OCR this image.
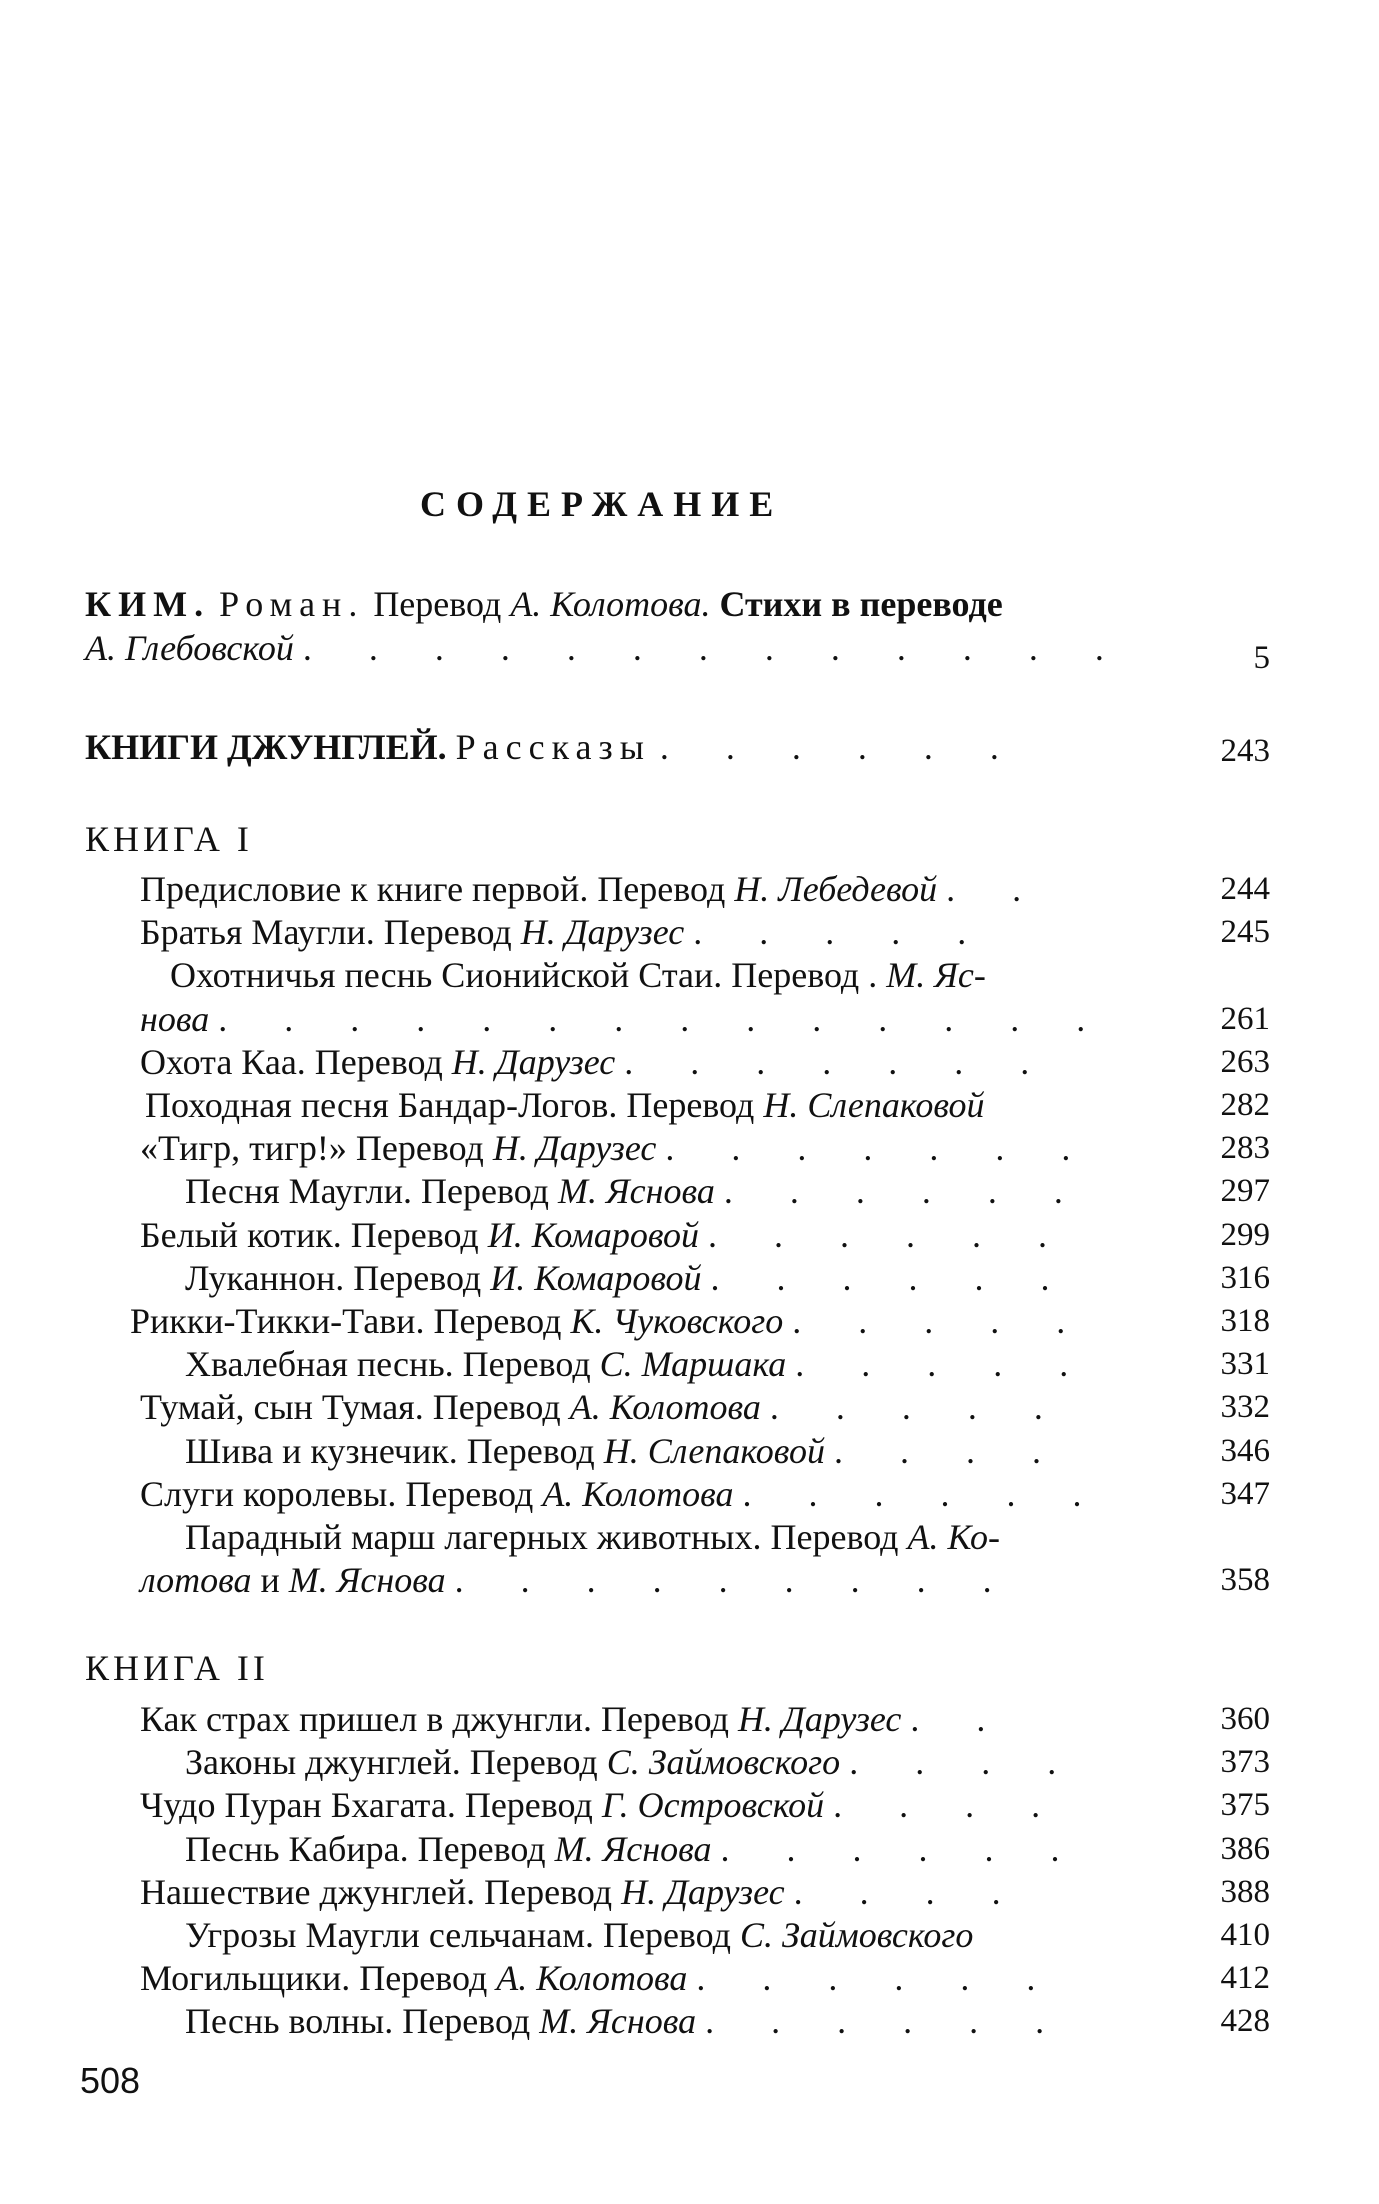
СОДЕРЖАНИЕ
КИМ. Роман. Перевод А. Колотова. Стихи в переводе
А. Глебовской . . . . . . . . . . . . .	5
КНИГИ ДЖУНГЛЕЙ. Рассказы . . . . . .	243
КНИГА I
Предисловие к книге первой. Перевод Н. Лебедевой . .	244
Братья Маугли. Перевод Н. Дарузес . . . . .	245
Охотничья песнь Сионийской Стаи. Перевод . М. Яс-
нова . . . . . . . . . . . . . .	261
Охота Каа. Перевод Н. Дарузес . . . . . . .	263
Походная песня Бандар-Логов. Перевод Н. Слепаковой	282
«Тигр, тигр!» Перевод Н. Дарузес . . . . . . .	283
Песня Маугли. Перевод М. Яснова . . . . . .	297
Белый котик. Перевод И. Комаровой . . . . . .	299
Луканнон. Перевод И. Комаровой . . . . . .	316
Рикки-Тикки-Тави. Перевод К. Чуковского . . . . .	318
Хвалебная песнь. Перевод С. Маршака . . . . .	331
Тумай, сын Тумая. Перевод А. Колотова . . . . .	332
Шива и кузнечик. Перевод Н. Слепаковой . . . .	346
Слуги королевы. Перевод А. Колотова . . . . . .	347
Парадный марш лагерных животных. Перевод А. Ко-
лотова и М. Яснова . . . . . . . . .	358
КНИГА II
Как страх пришел в джунгли. Перевод Н. Дарузес . .	360
Законы джунглей. Перевод С. Займовского . . . .	373
Чудо Пуран Бхагата. Перевод Г. Островской . . . .	375
Песнь Кабира. Перевод М. Яснова . . . . . .	386
Нашествие джунглей. Перевод Н. Дарузес . . . .	388
Угрозы Маугли сельчанам. Перевод С. Займовского	410
Могильщики. Перевод А. Колотова . . . . . .	412
Песнь волны. Перевод М. Яснова . . . . . .	428
508
